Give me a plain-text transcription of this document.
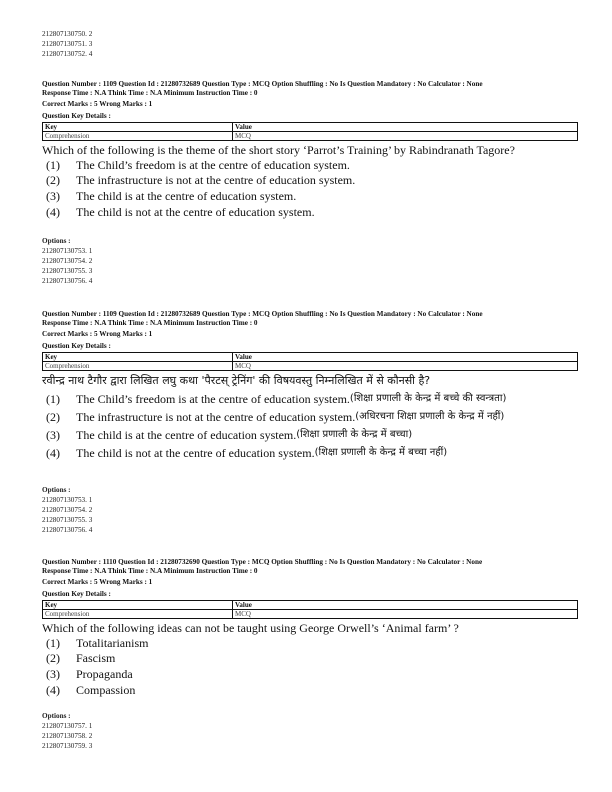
212807130750. 2
212807130751. 3
212807130752. 4
Question Number : 1109 Question Id : 21280732689 Question Type : MCQ Option Shuffling : No Is Question Mandatory : No Calculator : None
Response Time : N.A Think Time : N.A Minimum Instruction Time : 0
Correct Marks : 5 Wrong Marks : 1
Question Key Details :
Key	Value
Comprehension	MCQ
Which of the following is the theme of the short story ‘Parrot’s Training’ by Rabindranath Tagore?
(1)	The Child’s freedom is at the centre of education system.
(2)	The infrastructure is not at the centre of education system.
(3)	The child is at the centre of education system.
(4)	The child is not at the centre of education system.
Options :
212807130753. 1
212807130754. 2
212807130755. 3
212807130756. 4
Question Number : 1109 Question Id : 21280732689 Question Type : MCQ Option Shuffling : No Is Question Mandatory : No Calculator : None
Response Time : N.A Think Time : N.A Minimum Instruction Time : 0
Correct Marks : 5 Wrong Marks : 1
Question Key Details :
Key	Value
Comprehension	MCQ
रवीन्द्र नाथ टैगौर द्वारा लिखित लघु कथा 'पैरटस् ट्रेनिंग' की विषयवस्तु निम्नलिखित में से कौनसी है?
(1)	The Child’s freedom is at the centre of education system. (शिक्षा प्रणाली के केन्द्र में बच्चे की स्वन्त्रता)
(2)	The infrastructure is not at the centre of education system. (अधिरचना शिक्षा प्रणाली के केन्द्र में नहीं)
(3)	The child is at the centre of education system. (शिक्षा प्रणाली के केन्द्र में बच्चा)
(4)	The child is not at the centre of education system. (शिक्षा प्रणाली के केन्द्र में बच्चा नहीं)
Options :
212807130753. 1
212807130754. 2
212807130755. 3
212807130756. 4
Question Number : 1110 Question Id : 21280732690 Question Type : MCQ Option Shuffling : No Is Question Mandatory : No Calculator : None
Response Time : N.A Think Time : N.A Minimum Instruction Time : 0
Correct Marks : 5 Wrong Marks : 1
Question Key Details :
Key	Value
Comprehension	MCQ
Which of the following ideas can not be taught using George Orwell’s ‘Animal farm’ ?
(1)	Totalitarianism
(2)	Fascism
(3)	Propaganda
(4)	Compassion
Options :
212807130757. 1
212807130758. 2
212807130759. 3
